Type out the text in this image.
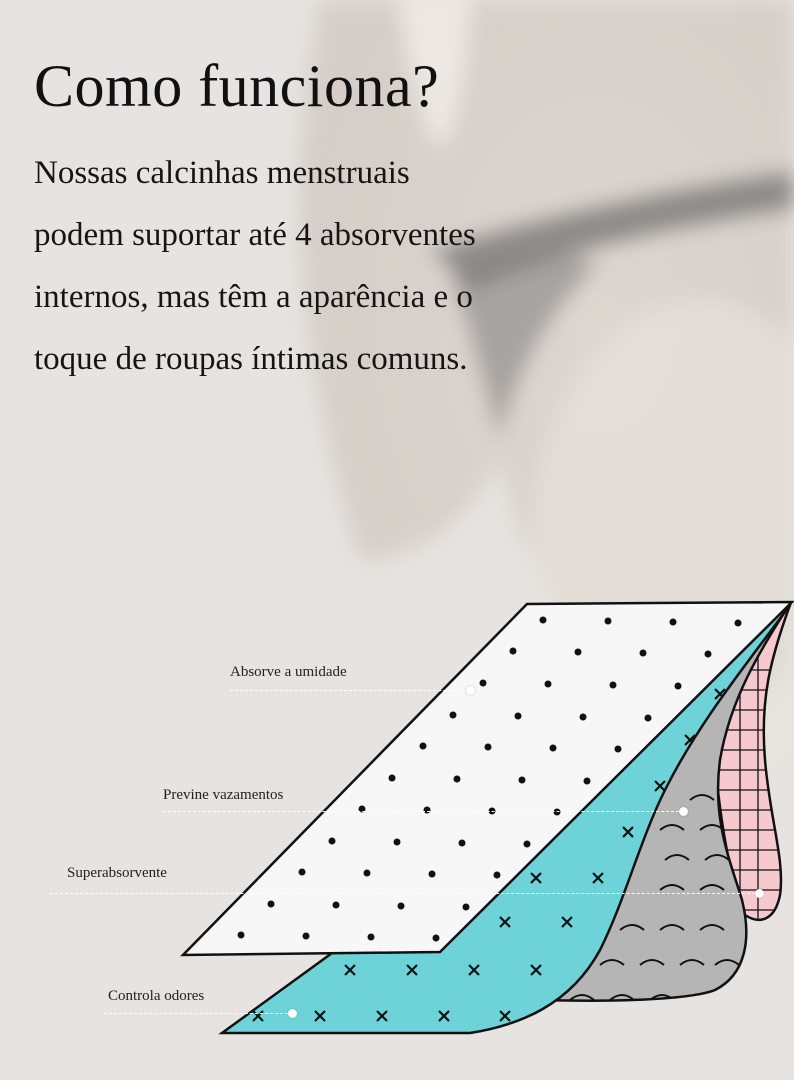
Como funciona?
Nossas calcinhas menstruais
podem suportar até 4 absorventes
internos, mas têm a aparência e o
toque de roupas íntimas comuns.
Absorve a umidade
Previne vazamentos
Superabsorvente
Controla odores
